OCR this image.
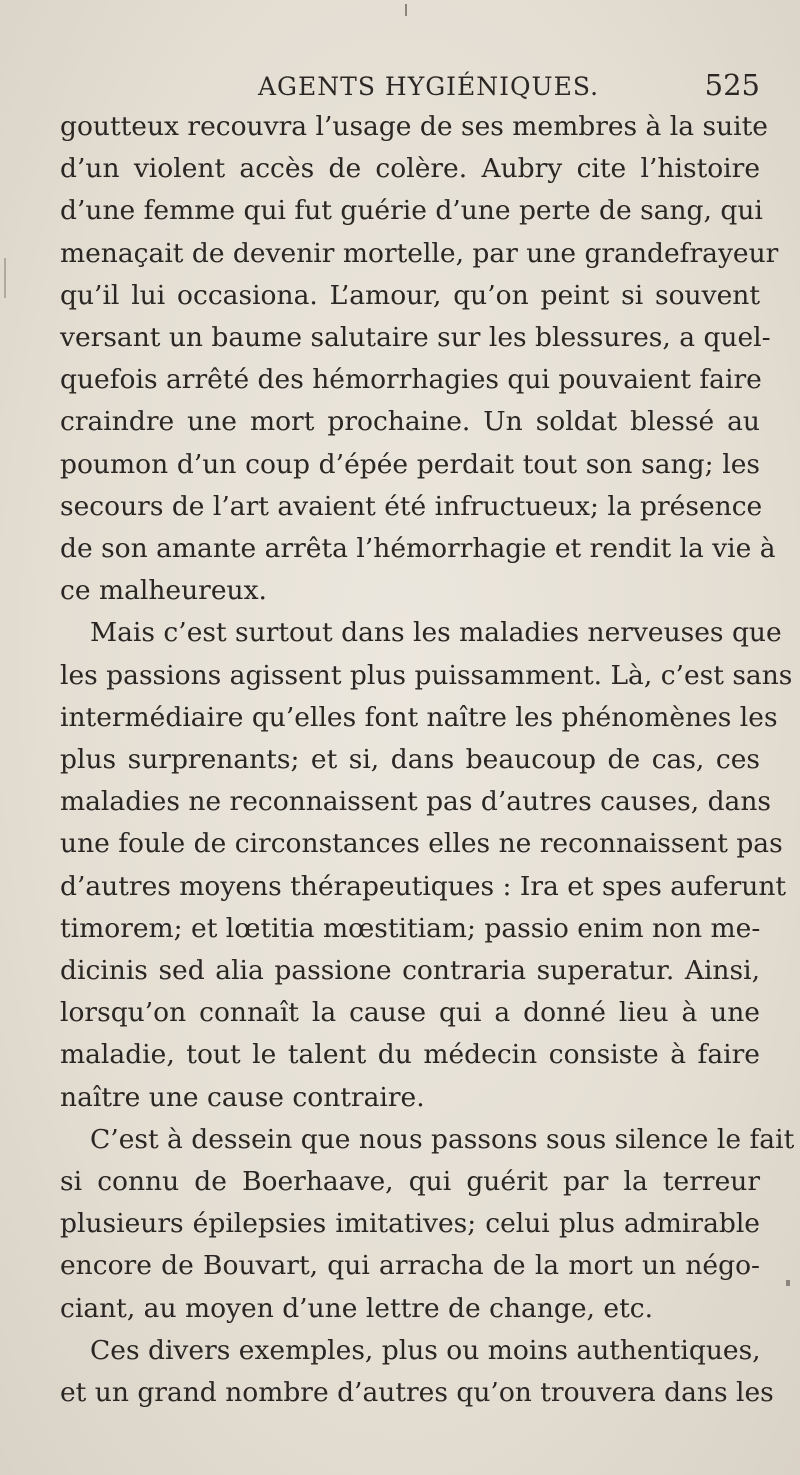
AGENTS HYGIÉNIQUES.	525
goutteux recouvra l’usage de ses membres à la suite
d’un violent accès de colère. Aubry cite l’histoire
d’une femme qui fut guérie d’une perte de sang, qui
menaçait de devenir mortelle, par une grandefrayeur
qu’il lui occasiona. L’amour, qu’on peint si souvent
versant un baume salutaire sur les blessures, a quel-
quefois arrêté des hémorrhagies qui pouvaient faire
craindre une mort prochaine. Un soldat blessé au
poumon d’un coup d’épée perdait tout son sang; les
secours de l’art avaient été infructueux; la présence
de son amante arrêta l’hémorrhagie et rendit la vie à
ce malheureux.
Mais c’est surtout dans les maladies nerveuses que
les passions agissent plus puissamment. Là, c’est sans
intermédiaire qu’elles font naître les phénomènes les
plus surprenants; et si, dans beaucoup de cas, ces
maladies ne reconnaissent pas d’autres causes, dans
une foule de circonstances elles ne reconnaissent pas
d’autres moyens thérapeutiques : Ira et spes auferunt
timorem; et lœtitia mœstitiam; passio enim non me-
dicinis sed alia passione contraria superatur. Ainsi,
lorsqu’on connaît la cause qui a donné lieu à une
maladie, tout le talent du médecin consiste à faire
naître une cause contraire.
C’est à dessein que nous passons sous silence le fait
si connu de Boerhaave, qui guérit par la terreur
plusieurs épilepsies imitatives; celui plus admirable
encore de Bouvart, qui arracha de la mort un négo-
ciant, au moyen d’une lettre de change, etc.
Ces divers exemples, plus ou moins authentiques,
et un grand nombre d’autres qu’on trouvera dans les
